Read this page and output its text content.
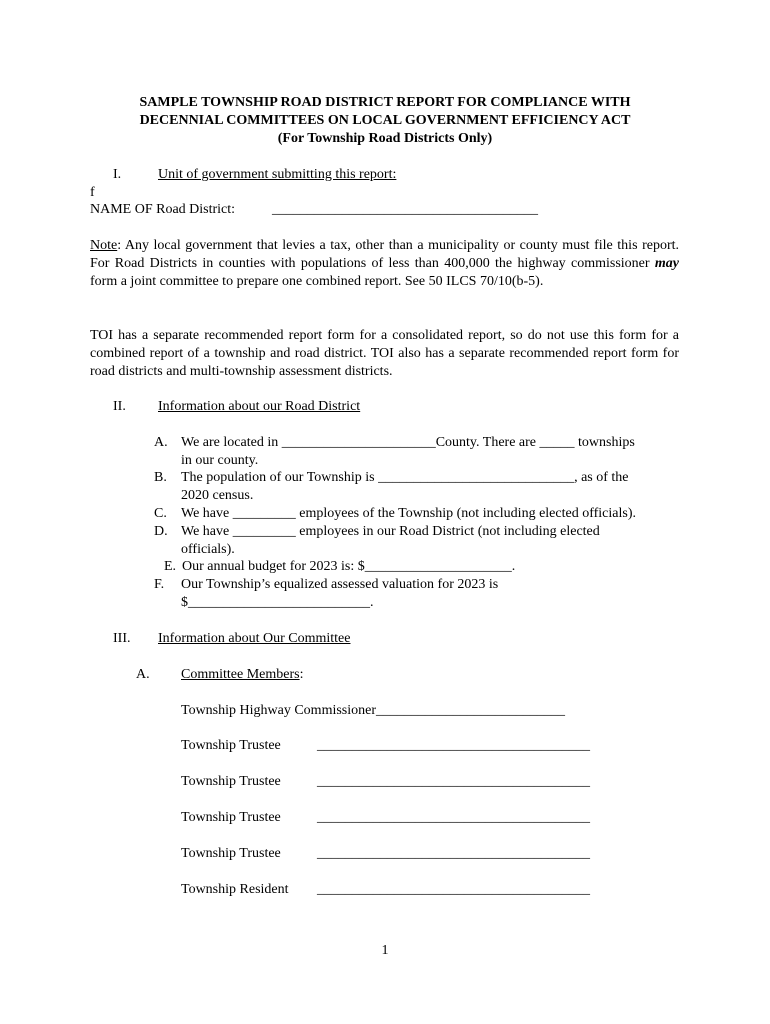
SAMPLE TOWNSHIP ROAD DISTRICT REPORT FOR COMPLIANCE WITH
DECENNIAL COMMITTEES ON LOCAL GOVERNMENT EFFICIENCY ACT
(For Township Road Districts Only)
I.	Unit of government submitting this report:
f
NAME OF Road District:	______________________________________
Note: Any local government that levies a tax, other than a municipality or county must file this report. For Road Districts in counties with populations of less than 400,000 the highway commissioner may form a joint committee to prepare one combined report. See 50 ILCS 70/10(b-5).
TOI has a separate recommended report form for a consolidated report, so do not use this form for a combined report of a township and road district. TOI also has a separate recommended report form for road districts and multi-township assessment districts.
II. Information about our Road District
A. We are located in ______________________County. There are _____ townships
in our county.
B. The population of our Township is ____________________________, as of the
2020 census.
C. We have _________ employees of the Township (not including elected officials).
D. We have _________ employees in our Road District (not including elected
officials).
E. Our annual budget for 2023 is: $_____________________.
F. Our Township’s equalized assessed valuation for 2023 is
$__________________________.
III. Information about Our Committee
A. Committee Members:
Township Highway Commissioner___________________________
Township Trustee	_______________________________________
Township Trustee	_______________________________________
Township Trustee	_______________________________________
Township Trustee	_______________________________________
Township Resident _______________________________________
1
